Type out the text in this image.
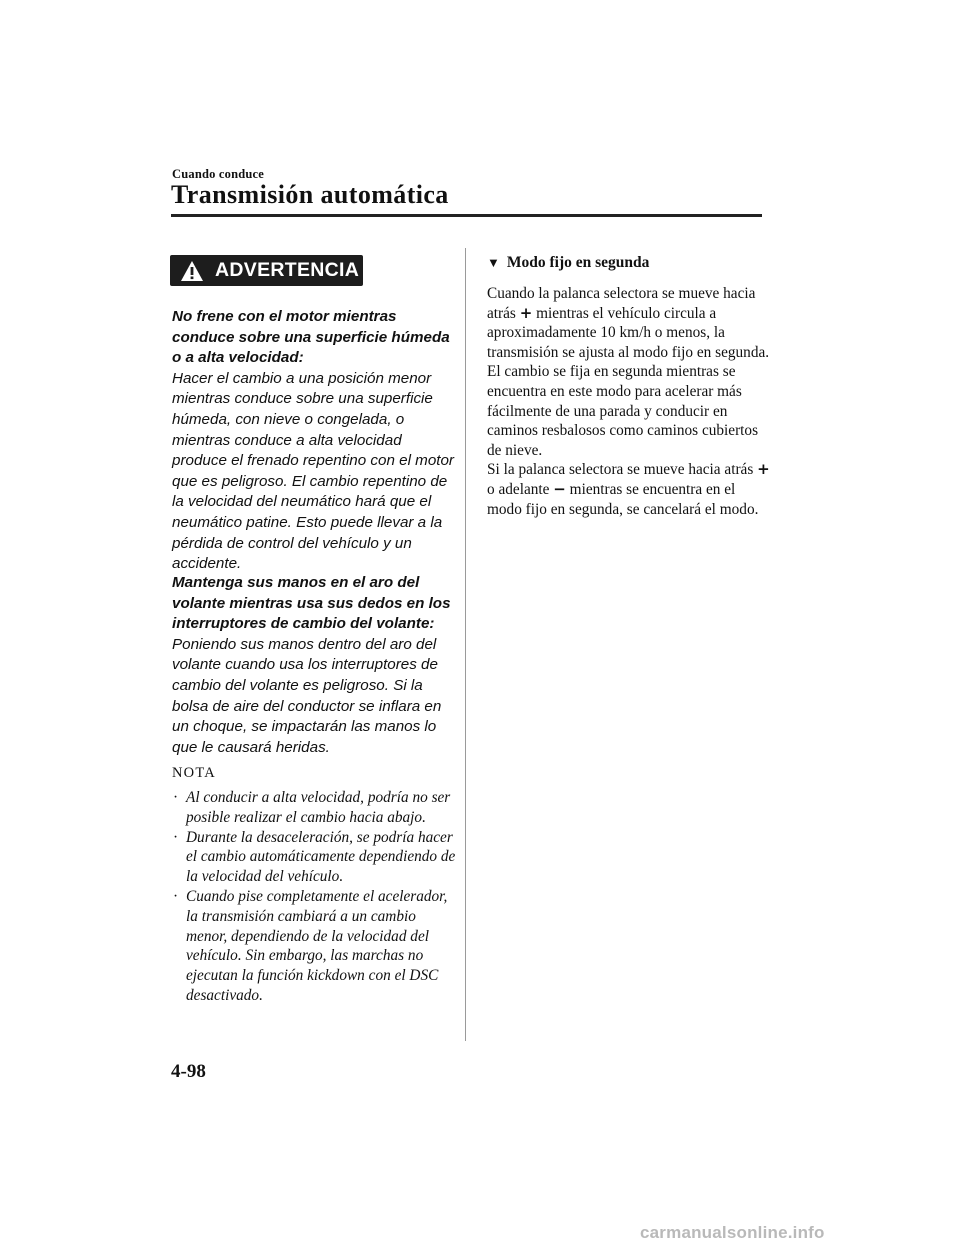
Cuando conduce
Transmisión automática
ADVERTENCIA
No frene con el motor mientras conduce sobre una superficie húmeda o a alta velocidad:
Hacer el cambio a una posición menor mientras conduce sobre una superficie húmeda, con nieve o congelada, o mientras conduce a alta velocidad produce el frenado repentino con el motor que es peligroso. El cambio repentino de la velocidad del neumático hará que el neumático patine. Esto puede llevar a la pérdida de control del vehículo y un accidente.
Mantenga sus manos en el aro del volante mientras usa sus dedos en los interruptores de cambio del volante:
Poniendo sus manos dentro del aro del volante cuando usa los interruptores de cambio del volante es peligroso. Si la bolsa de aire del conductor se inflara en un choque, se impactarán las manos lo que le causará heridas.
NOTA
· Al conducir a alta velocidad, podría no ser posible realizar el cambio hacia abajo.
· Durante la desaceleración, se podría hacer el cambio automáticamente dependiendo de la velocidad del vehículo.
· Cuando pise completamente el acelerador, la transmisión cambiará a un cambio menor, dependiendo de la velocidad del vehículo. Sin embargo, las marchas no ejecutan la función kickdown con el DSC desactivado.
▼ Modo fijo en segunda
Cuando la palanca selectora se mueve hacia atrás + mientras el vehículo circula a aproximadamente 10 km/h o menos, la transmisión se ajusta al modo fijo en segunda. El cambio se fija en segunda mientras se encuentra en este modo para acelerar más fácilmente de una parada y conducir en caminos resbalosos como caminos cubiertos de nieve.
Si la palanca selectora se mueve hacia atrás + o adelante − mientras se encuentra en el modo fijo en segunda, se cancelará el modo.
4-98
carmanualsonline.info
